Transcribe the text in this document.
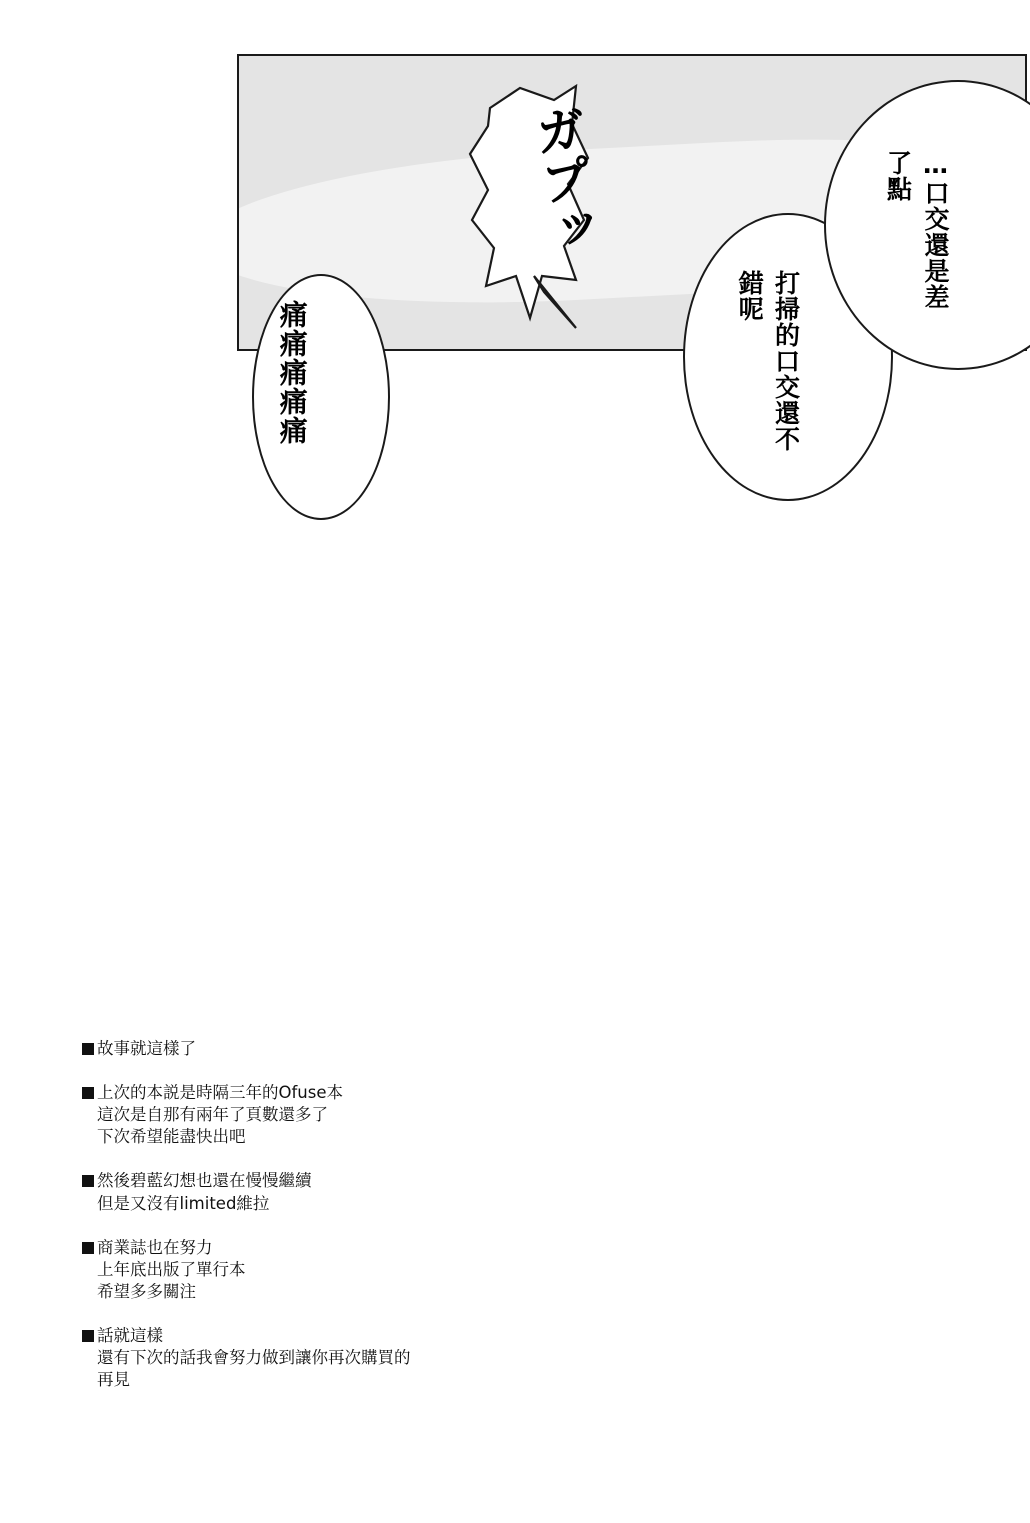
ガプッ
痛痛痛痛痛	打掃的口交還不錯呢	…口交還是差了點
故事就這樣了
上次的本説是時隔三年的Ofuse本
這次是自那有兩年了頁數還多了
下次希望能盡快出吧
然後碧藍幻想也還在慢慢繼續
但是又沒有limited維拉
商業誌也在努力
上年底出版了單行本
希望多多關注
話就這樣
還有下次的話我會努力做到讓你再次購買的
再見
